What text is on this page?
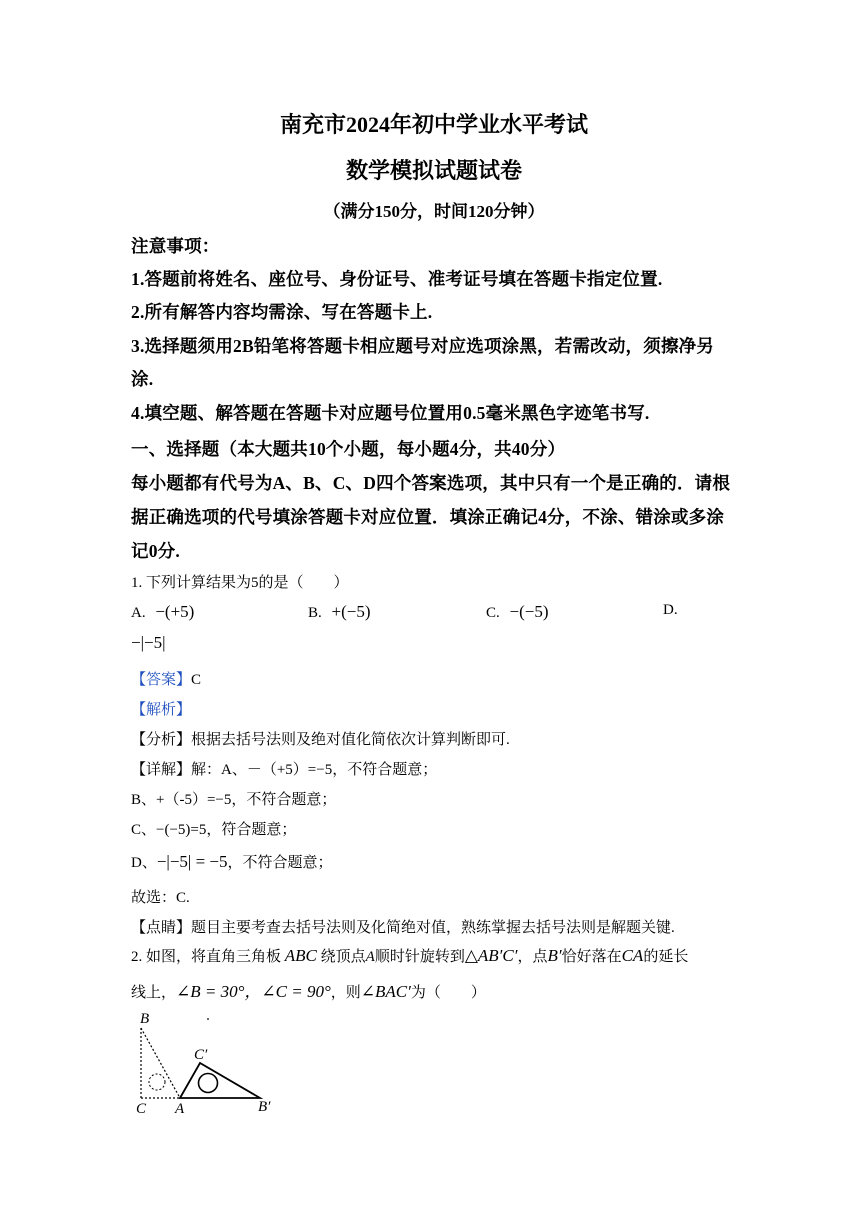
南充市2024年初中学业水平考试
数学模拟试题试卷
（满分150分，时间120分钟）
注意事项：
1.答题前将姓名、座位号、身份证号、准考证号填在答题卡指定位置.
2.所有解答内容均需涂、写在答题卡上.
3.选择题须用2B铅笔将答题卡相应题号对应选项涂黑，若需改动，须擦净另
涂.
4.填空题、解答题在答题卡对应题号位置用0.5毫米黑色字迹笔书写.
一、选择题（本大题共10个小题，每小题4分，共40分）
每小题都有代号为A、B、C、D四个答案选项，其中只有一个是正确的．请根
据正确选项的代号填涂答题卡对应位置．填涂正确记4分，不涂、错涂或多涂
记0分.
1. 下列计算结果为5的是（　　）
A. −(+5)	B. +(−5)	C. −(−5)	D.
−|−5|
【答案】C
【解析】
【分析】根据去括号法则及绝对值化简依次计算判断即可.
【详解】解：A、－（+5）=−5，不符合题意；
B、+（-5）=−5，不符合题意；
C、−(−5)=5，符合题意；
D、−|−5| = −5，不符合题意；
故选：C.
【点睛】题目主要考查去括号法则及化简绝对值，熟练掌握去括号法则是解题关键.
2. 如图，将直角三角板 ABC 绕顶点A顺时针旋转到△AB′C′，点B′恰好落在CA的延长
线上，∠B = 30°，∠C = 90°，则∠BAC′为（　　）
B
C A
C′
B′
